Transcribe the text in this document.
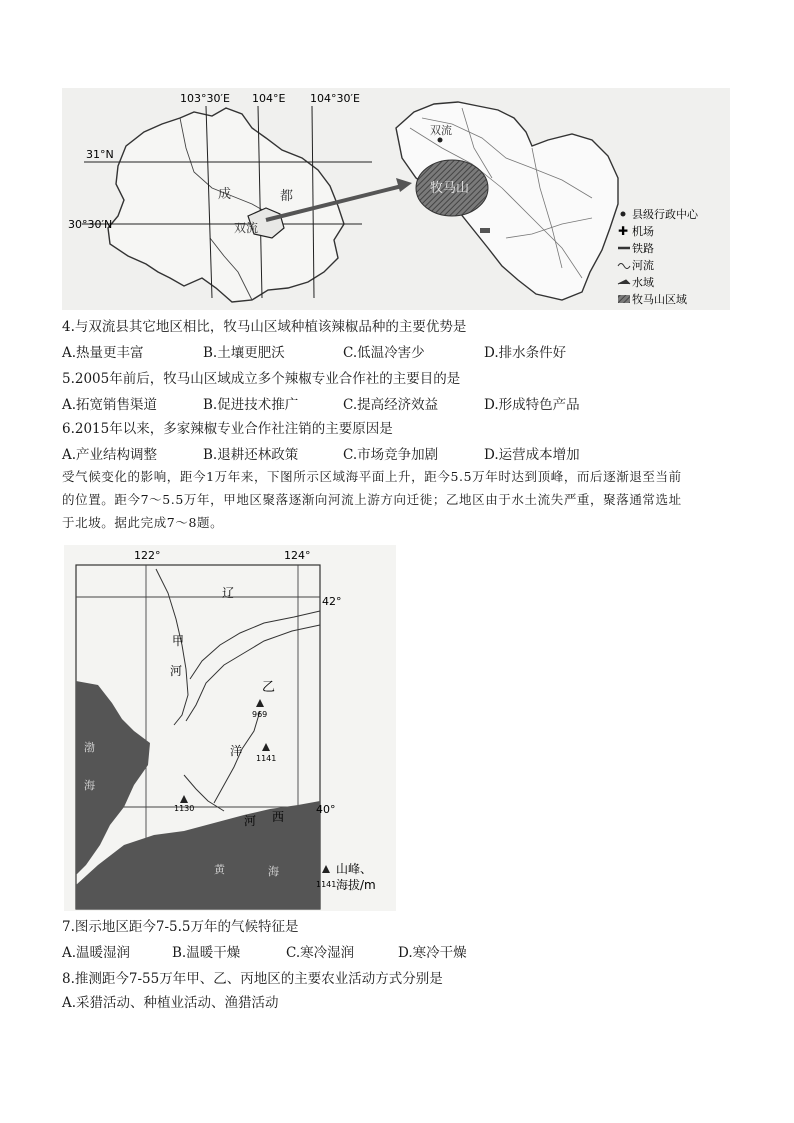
103°30′E 104°E 104°30′E
31°N
30°30′N
成	都
双流
双流
牧马山
县级行政中心
✚ 机场
铁路
河流
水域
牧马山区域
4.与双流县其它地区相比，牧马山区域种植该辣椒品种的主要优势是
A.热量更丰富	B.土壤更肥沃	C.低温冷害少	D.排水条件好
5.2005年前后，牧马山区域成立多个辣椒专业合作社的主要目的是
A.拓宽销售渠道	B.促进技术推广	C.提高经济效益	D.形成特色产品
6.2015年以来，多家辣椒专业合作社注销的主要原因是
A.产业结构调整	B.退耕还林政策	C.市场竞争加剧	D.运营成本增加
受气候变化的影响，距今1万年来，下图所示区域海平面上升，距今5.5万年时达到顶峰，而后逐渐退至当前
的位置。距今7～5.5万年，甲地区聚落逐渐向河流上游方向迁徙；乙地区由于水土流失严重，聚落通常选址
于北坡。据此完成7～8题。
122°	124°
42°
40°
辽
甲
河
乙
洋
河 西
渤
海
黄	海
969
1141
1130
1141
山峰、
海拔/m
7.图示地区距今7-5.5万年的气候特征是
A.温暖湿润	B.温暖干燥	C.寒冷湿润	D.寒冷干燥
8.推测距今7-55万年甲、乙、丙地区的主要农业活动方式分别是
A.采猎活动、种植业活动、渔猎活动
